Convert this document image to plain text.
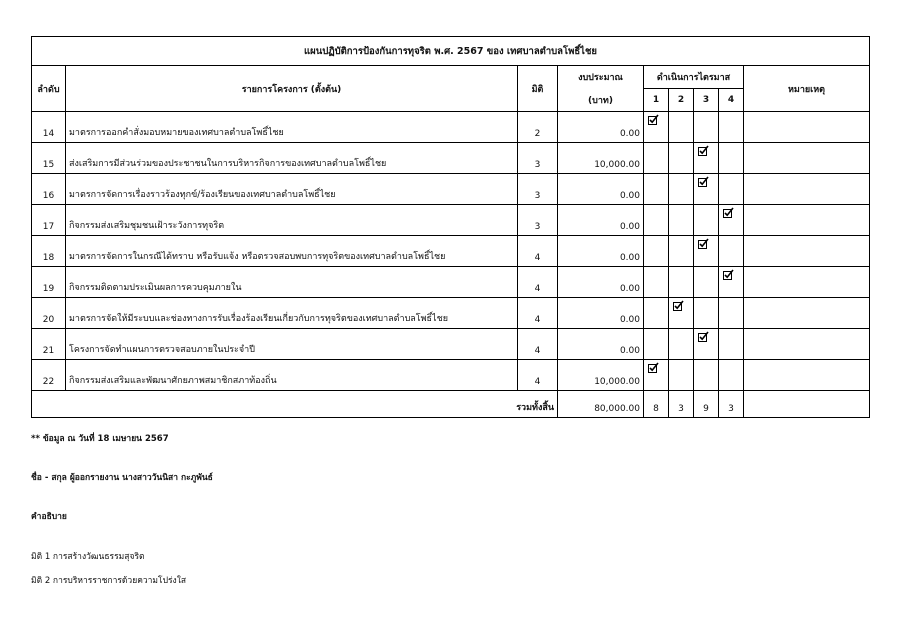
แผนปฏิบัติการป้องกันการทุจริต พ.ศ. 2567 ของ เทศบาลตำบลโพธิ์ไชย								
ลำดับ	รายการโครงการ (ตั้งต้น)	มิติ	งบประมาณ	ดำเนินการไตรมาส				หมายเหตุ
			(บาท)	1	2	3	4	
14	มาตรการออกคำสั่งมอบหมายของเทศบาลตำบลโพธิ์ไชย	2	0.00	

15	ส่งเสริมการมีส่วนร่วมของประชาชนในการบริหารกิจการของเทศบาลตำบลโพธิ์ไชย	3	10,000.00			

16	มาตรการจัดการเรื่องราวร้องทุกข์/ร้องเรียนของเทศบาลตำบลโพธิ์ไชย	3	0.00			

17	กิจกรรมส่งเสริมชุมชนเฝ้าระวังการทุจริต	3	0.00				

18	มาตรการจัดการในกรณีได้ทราบ หรือรับแจ้ง หรือตรวจสอบพบการทุจริตของเทศบาลตำบลโพธิ์ไชย	4	0.00			

19	กิจกรรมติดตามประเมินผลการควบคุมภายใน	4	0.00				

20	มาตรการจัดให้มีระบบและช่องทางการรับเรื่องร้องเรียนเกี่ยวกับการทุจริตของเทศบาลตำบลโพธิ์ไชย	4	0.00		

21	โครงการจัดทำแผนการตรวจสอบภายในประจำปี	4	0.00			

22	กิจกรรมส่งเสริมและพัฒนาศักยภาพสมาชิกสภาท้องถิ่น	4	10,000.00	

รวมทั้งสิ้น			80,000.00	8	3	9	3	
** ข้อมูล ณ วันที่ 18 เมษายน 2567
ชื่อ - สกุล ผู้ออกรายงาน นางสาววันนิสา กะภูพันธ์
คำอธิบาย
มิติ 1 การสร้างวัฒนธรรมสุจริต
มิติ 2 การบริหารราชการด้วยความโปร่งใส
